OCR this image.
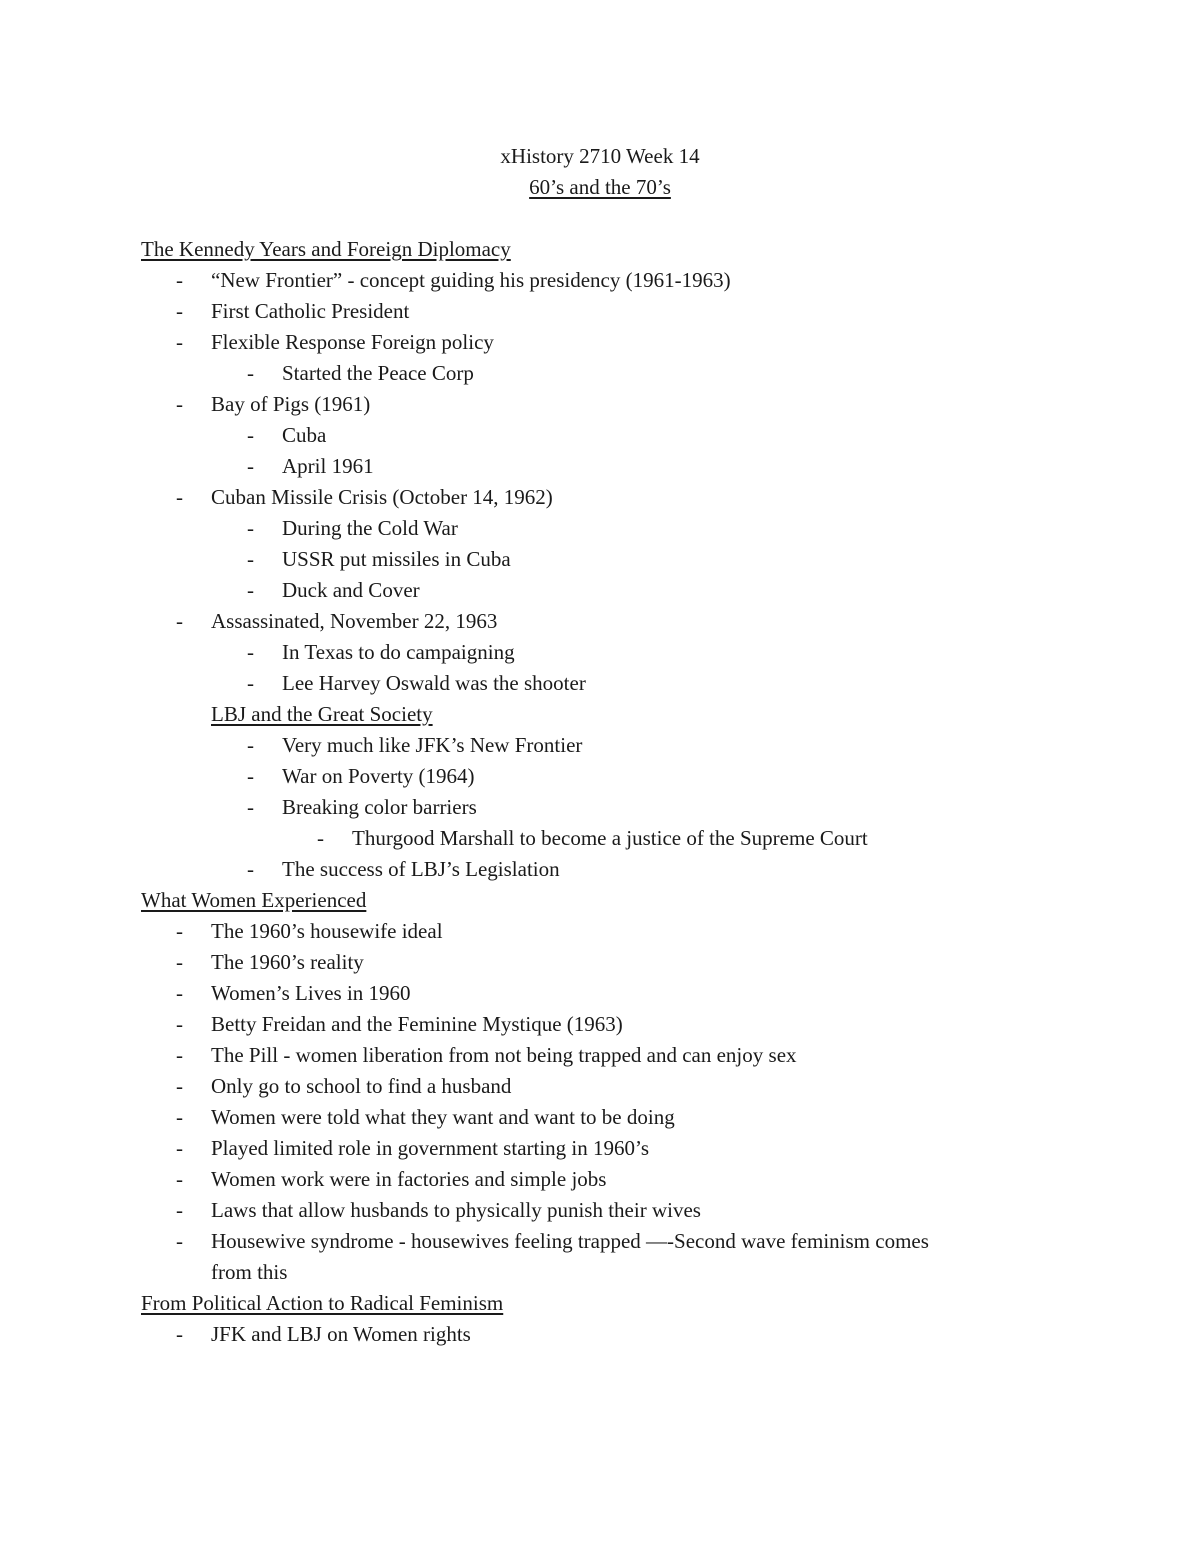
xHistory 2710 Week 14
60’s and the 70’s
The Kennedy Years and Foreign Diplomacy
- “New Frontier” - concept guiding his presidency (1961-1963)
- First Catholic President
- Flexible Response Foreign policy
- Started the Peace Corp
- Bay of Pigs (1961)
- Cuba
- April 1961
- Cuban Missile Crisis (October 14, 1962)
- During the Cold War
- USSR put missiles in Cuba
- Duck and Cover
- Assassinated, November 22, 1963
- In Texas to do campaigning
- Lee Harvey Oswald was the shooter
LBJ and the Great Society
- Very much like JFK’s New Frontier
- War on Poverty (1964)
- Breaking color barriers
- Thurgood Marshall to become a justice of the Supreme Court
- The success of LBJ’s Legislation
What Women Experienced
- The 1960’s housewife ideal
- The 1960’s reality
- Women’s Lives in 1960
- Betty Freidan and the Feminine Mystique (1963)
- The Pill - women liberation from not being trapped and can enjoy sex
- Only go to school to find a husband
- Women were told what they want and want to be doing
- Played limited role in government starting in 1960’s
- Women work were in factories and simple jobs
- Laws that allow husbands to physically punish their wives
- Housewive syndrome - housewives feeling trapped ––-Second wave feminism comes
from this
From Political Action to Radical Feminism
- JFK and LBJ on Women rights
